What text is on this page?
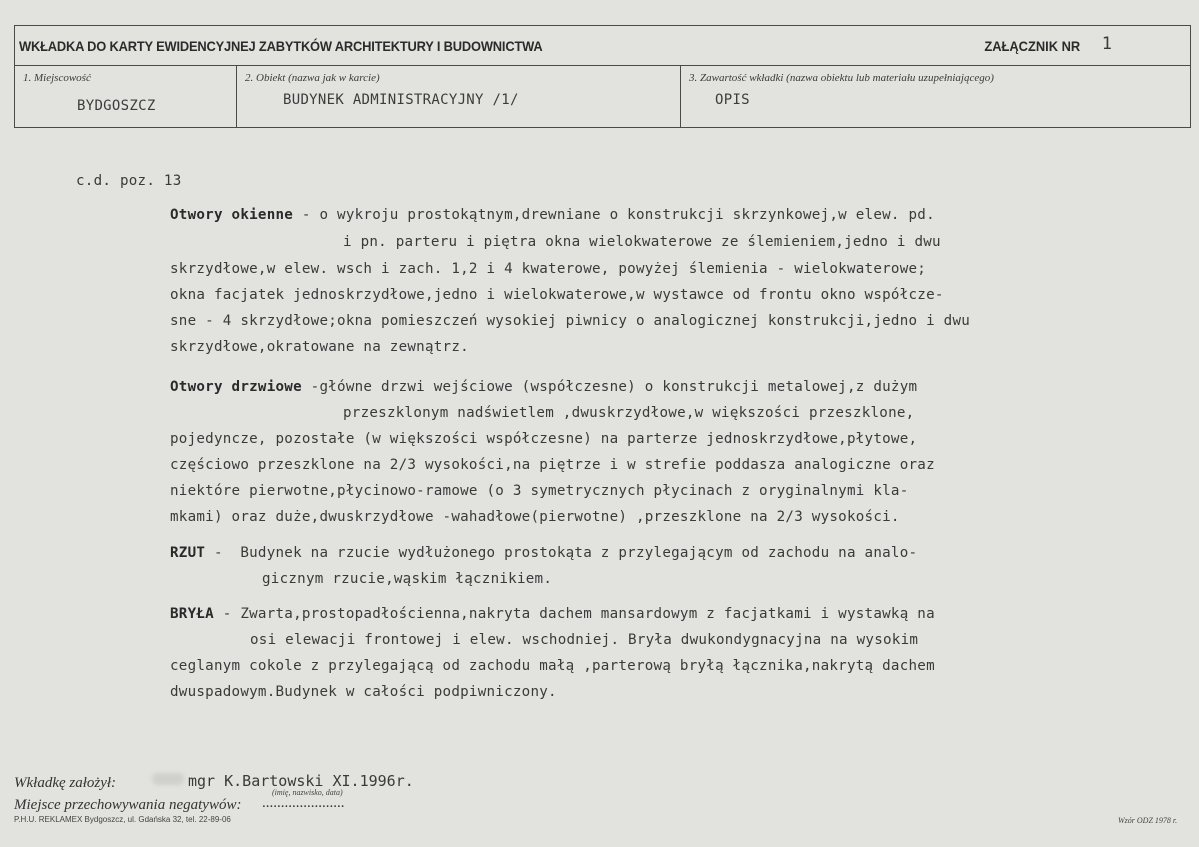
WKŁADKA DO KARTY EWIDENCYJNEJ ZABYTKÓW ARCHITEKTURY I BUDOWNICTWA	ZAŁĄCZNIK NR 1
1. Miejscowość
BYDGOSZCZ
2. Obiekt (nazwa jak w karcie)
BUDYNEK ADMINISTRACYJNY /1/
3. Zawartość wkładki (nazwa obiektu lub materiału uzupełniającego)
OPIS

c.d. poz. 13

Otwory okienne - o wykroju prostokątnym,drewniane o konstrukcji skrzynkowej,w elew. pd.

i pn. parteru i piętra okna wielokwaterowe ze ślemieniem,jedno i dwu

skrzydłowe,w elew. wsch i zach. 1,2 i 4 kwaterowe, powyżej ślemienia - wielokwaterowe;

okna facjatek jednoskrzydłowe,jedno i wielokwaterowe,w wystawce od frontu okno współcze-

sne - 4 skrzydłowe;okna pomieszczeń wysokiej piwnicy o analogicznej konstrukcji,jedno i dwu

skrzydłowe,okratowane na zewnątrz.

Otwory drzwiowe -główne drzwi wejściowe (współczesne) o konstrukcji metalowej,z dużym

przeszklonym nadświetlem ,dwuskrzydłowe,w większości przeszklone,

pojedyncze, pozostałe (w większości współczesne) na parterze jednoskrzydłowe,płytowe,

częściowo przeszklone na 2/3 wysokości,na piętrze i w strefie poddasza analogiczne oraz

niektóre pierwotne,płycinowo-ramowe (o 3 symetrycznych płycinach z oryginalnymi kla-

mkami) oraz duże,dwuskrzydłowe -wahadłowe(pierwotne) ,przeszklone na 2/3 wysokości.

RZUT -  Budynek na rzucie wydłużonego prostokąta z przylegającym od zachodu na analo-

gicznym rzucie,wąskim łącznikiem.

BRYŁA - Zwarta,prostopadłościenna,nakryta dachem mansardowym z facjatkami i wystawką na

osi elewacji frontowej i elew. wschodniej. Bryła dwukondygnacyjna na wysokim

ceglanym cokole z przylegającą od zachodu małą ,parterową bryłą łącznika,nakrytą dachem

dwuspadowym.Budynek w całości podpiwniczony.

Wkładkę założył:	mgr K.Bartowski XI.1996r.
(imię, nazwisko, data)
Miejsce przechowywania negatywów: ......................
P.H.U. REKLAMEX Bydgoszcz, ul. Gdańska 32, tel. 22-89-06	Wzór ODZ 1978 r.
